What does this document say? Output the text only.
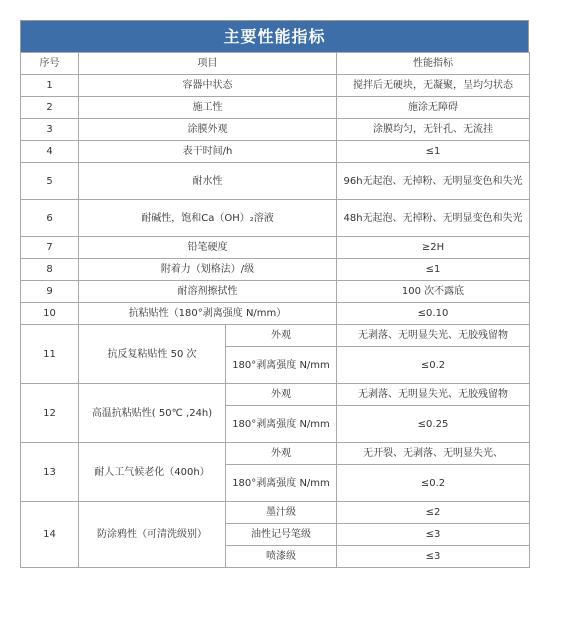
主要性能指标
序号	项目		性能指标
1	容器中状态		搅拌后无硬块，无凝聚，呈均匀状态
2	施工性		施涂无障碍
3	涂膜外观		涂膜均匀，无针孔、无流挂
4	表干时间/h		≤1
5	耐水性		96h无起泡、无掉粉、无明显变色和失光
6	耐碱性，饱和Ca（OH）₂溶液		48h无起泡、无掉粉、无明显变色和失光
7	铅笔硬度		≥2H
8	附着力（划格法）/级		≤1
9	耐溶剂擦拭性		100 次不露底
10	抗粘贴性（180°剥离强度 N/mm）		≤0.10
11	抗反复粘贴性 50 次	外观	无剥落、无明显失光、无胶残留物
		180°剥离强度 N/mm	≤0.2
12	高温抗粘贴性( 50℃ ,24h)	外观	无剥落、无明显失光、无胶残留物
		180°剥离强度 N/mm	≤0.25
13	耐人工气候老化（400h）	外观	无开裂、无剥落、无明显失光、
		180°剥离强度 N/mm	≤0.2
14	防涂鸦性（可清洗级别）	墨汁级	≤2
		油性记号笔级	≤3
		喷漆级	≤3
